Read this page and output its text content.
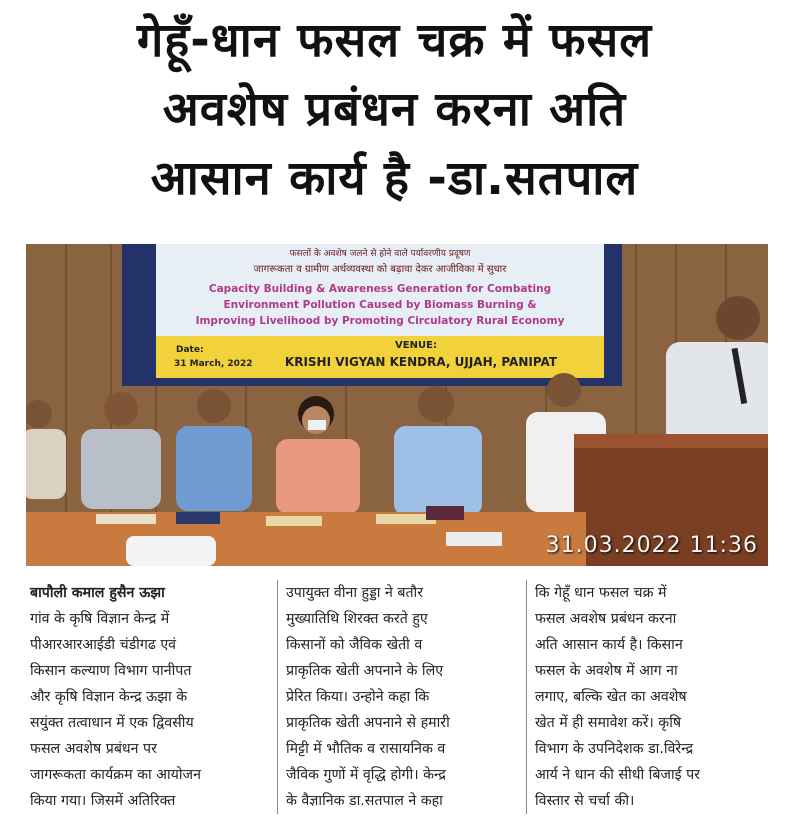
गेहूँ-धान फसल चक्र में फसल
अवशेष प्रबंधन करना अति
आसान कार्य है -डा.सतपाल
फसलों के अवशेष जलने से होने वाले पर्यावरणीय प्रदूषण
जागरूकता व ग्रामीण अर्थव्यवस्था को बढ़ावा देकर आजीविका में सुधार
Capacity Building & Awareness Generation for Combating
Environment Pollution Caused by Biomass Burning &
Improving Livelihood by Promoting Circulatory Rural Economy
Date:
31 March, 2022
VENUE:
KRISHI VIGYAN KENDRA, UJJAH, PANIPAT
31.03.2022 11:36
बापौली कमाल हुसैन ऊझा
गांव के कृषि विज्ञान केन्द्र में
पीआरआरआईडी चंडीगढ एवं
किसान कल्याण विभाग पानीपत
और कृषि विज्ञान केन्द्र ऊझा के
सयुंक्त तत्वाधान में एक द्विवसीय
फसल अवशेष प्रबंधन पर
जागरूकता कार्यक्रम का आयोजन
किया गया। जिसमें अतिरिक्त
उपायुक्त वीना हुड्डा ने बतौर
मुख्यातिथि शिरक्त करते हुए
किसानों को जैविक खेती व
प्राकृतिक खेती अपनाने के लिए
प्रेरित किया। उन्होने कहा कि
प्राकृतिक खेती अपनाने से हमारी
मिट्टी में भौतिक व रासायनिक व
जैविक गुणों में वृद्धि होगी। केन्द्र
के वैज्ञानिक डा.सतपाल ने कहा
कि गेहूँ धान फसल चक्र में
फसल अवशेष प्रबंधन करना
अति आसान कार्य है। किसान
फसल के अवशेष में आग ना
लगाए, बल्कि खेत का अवशेष
खेत में ही समावेश करें। कृषि
विभाग के उपनिदेशक डा.विरेन्द्र
आर्य ने धान की सीधी बिजाई पर
विस्तार से चर्चा की।
